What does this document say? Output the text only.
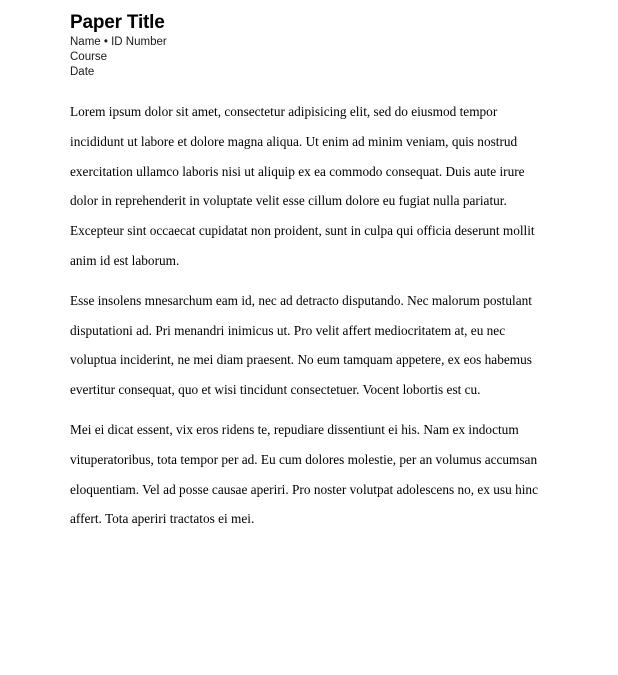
Paper Title

Name • ID Number

Course

Date

Lorem ipsum dolor sit amet, consectetur adipisicing elit, sed do eiusmod tempor incididunt ut labore et dolore magna aliqua. Ut enim ad minim veniam, quis nostrud exercitation ullamco laboris nisi ut aliquip ex ea commodo consequat. Duis aute irure dolor in reprehenderit in voluptate velit esse cillum dolore eu fugiat nulla pariatur. Excepteur sint occaecat cupidatat non proident, sunt in culpa qui officia deserunt mollit anim id est laborum.

Esse insolens mnesarchum eam id, nec ad detracto disputando. Nec malorum postulant disputationi ad. Pri menandri inimicus ut. Pro velit affert mediocritatem at, eu nec voluptua inciderint, ne mei diam praesent. No eum tamquam appetere, ex eos habemus evertitur consequat, quo et wisi tincidunt consectetuer. Vocent lobortis est cu.

Mei ei dicat essent, vix eros ridens te, repudiare dissentiunt ei his. Nam ex indoctum vituperatoribus, tota tempor per ad. Eu cum dolores molestie, per an volumus accumsan eloquentiam. Vel ad posse causae aperiri. Pro noster volutpat adolescens no, ex usu hinc affert. Tota aperiri tractatos ei mei.
